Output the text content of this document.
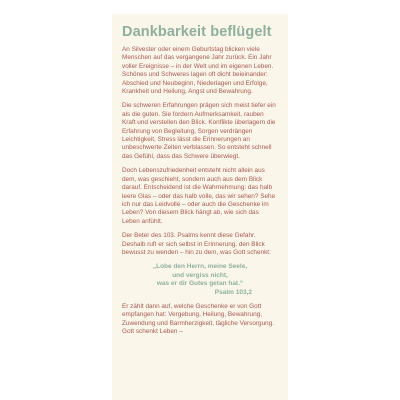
Dankbarkeit beflügelt

An Silvester oder einem Geburtstag blicken viele Menschen auf das vergangene Jahr zurück. Ein Jahr voller Ereignisse – in der Welt und im eigenen Leben. Schönes und Schweres lagen oft dicht beieinander: Abschied und Neubeginn, Niederlagen und Erfolge, Krankheit und Heilung, Angst und Bewahrung.

Die schweren Erfahrungen prägen sich meist tiefer ein als die guten. Sie fordern Aufmerksamkeit, rauben Kraft und verstellen den Blick. Konflikte überlagern die Erfahrung von Begleitung, Sorgen verdrängen Leichtigkeit, Stress lässt die Erinnerungen an unbeschwerte Zeiten verblassen. So entsteht schnell das Gefühl, dass das Schwere überwiegt.

Doch Lebenszufriedenheit entsteht nicht allein aus dem, was geschieht, sondern auch aus dem Blick darauf. Entscheidend ist die Wahrnehmung: das halb leere Glas – oder das halb volle, das wir sehen? Sehe ich nur das Leidvolle – oder auch die Geschenke im Leben? Von diesem Blick hängt ab, wie sich das Leben anfühlt.

Der Beter des 103. Psalms kennt diese Gefahr. Deshalb ruft er sich selbst in Erinnerung, den Blick bewusst zu wenden – hin zu dem, was Gott schenkt:

„Lobe den Herrn, meine Seele,
und vergiss nicht,
was er dir Gutes getan hat.“
Psalm 103,2

Er zählt dann auf, welche Geschenke er von Gott empfangen hat: Vergebung, Heilung, Bewahrung, Zuwendung und Barmherzigkeit, tägliche Versorgung. Gott schenkt Leben –
